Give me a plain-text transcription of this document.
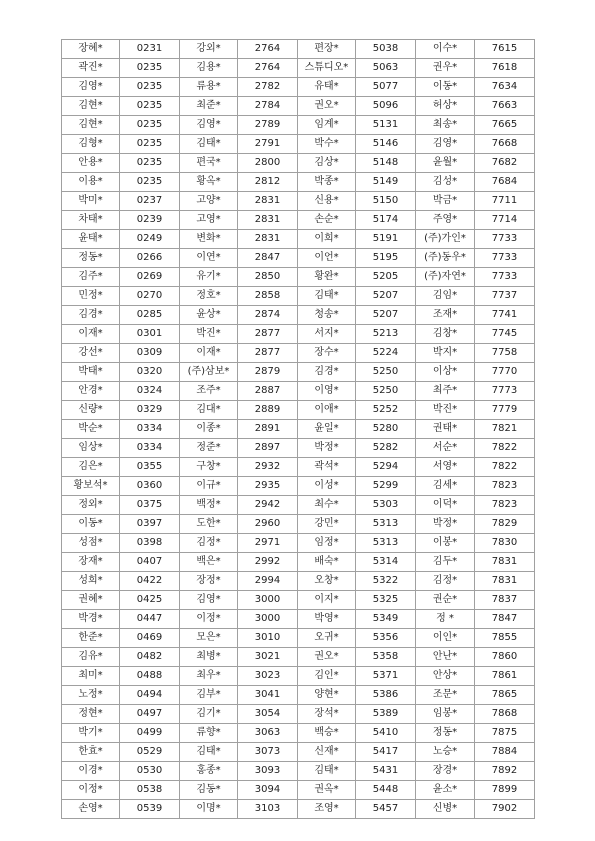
장혜*	0231	강외*	2764	편장*	5038	이수*	7615
곽진*	0235	김용*	2764	스튜디오*	5063	권우*	7618
김영*	0235	류용*	2782	유태*	5077	이동*	7634
김현*	0235	최준*	2784	권오*	5096	허상*	7663
김현*	0235	김영*	2789	임계*	5131	최송*	7665
김형*	0235	김태*	2791	박수*	5146	김영*	7668
안용*	0235	편국*	2800	김상*	5148	윤월*	7682
이용*	0235	황옥*	2812	박종*	5149	김성*	7684
박미*	0237	고양*	2831	신용*	5150	박금*	7711
차태*	0239	고영*	2831	손순*	5174	주영*	7714
윤태*	0249	변화*	2831	이희*	5191	(주)가인*	7733
정동*	0266	이연*	2847	이언*	5195	(주)동우*	7733
김주*	0269	유기*	2850	황완*	5205	(주)자연*	7733
민정*	0270	정호*	2858	김태*	5207	김임*	7737
김경*	0285	윤상*	2874	청송*	5207	조재*	7741
이재*	0301	박진*	2877	서지*	5213	김창*	7745
강선*	0309	이재*	2877	장수*	5224	박지*	7758
박태*	0320	(주)삼보*	2879	김경*	5250	이상*	7770
안경*	0324	조주*	2887	이영*	5250	최주*	7773
신량*	0329	김대*	2889	이애*	5252	박진*	7779
박순*	0334	이종*	2891	윤일*	5280	권태*	7821
임상*	0334	정준*	2897	박정*	5282	서순*	7822
김은*	0355	구창*	2932	곽석*	5294	서영*	7822
황보석*	0360	이규*	2935	이성*	5299	김세*	7823
정외*	0375	백정*	2942	최수*	5303	이덕*	7823
이동*	0397	도한*	2960	강민*	5313	박정*	7829
성점*	0398	김정*	2971	임정*	5313	이봉*	7830
장재*	0407	백은*	2992	배숙*	5314	김두*	7831
성희*	0422	장정*	2994	오창*	5322	김정*	7831
권혜*	0425	김영*	3000	이지*	5325	권순*	7837
박경*	0447	이정*	3000	박영*	5349	정 *	7847
한준*	0469	모은*	3010	오귀*	5356	이인*	7855
김유*	0482	최병*	3021	권오*	5358	안난*	7860
최미*	0488	최우*	3023	김인*	5371	안상*	7861
노정*	0494	김부*	3041	양현*	5386	조문*	7865
정현*	0497	김기*	3054	장석*	5389	임봉*	7868
박기*	0499	류향*	3063	백승*	5410	정동*	7875
한효*	0529	김태*	3073	신재*	5417	노승*	7884
이경*	0530	홍종*	3093	김태*	5431	장경*	7892
이정*	0538	김동*	3094	권옥*	5448	윤소*	7899
손영*	0539	이명*	3103	조영*	5457	신병*	7902
